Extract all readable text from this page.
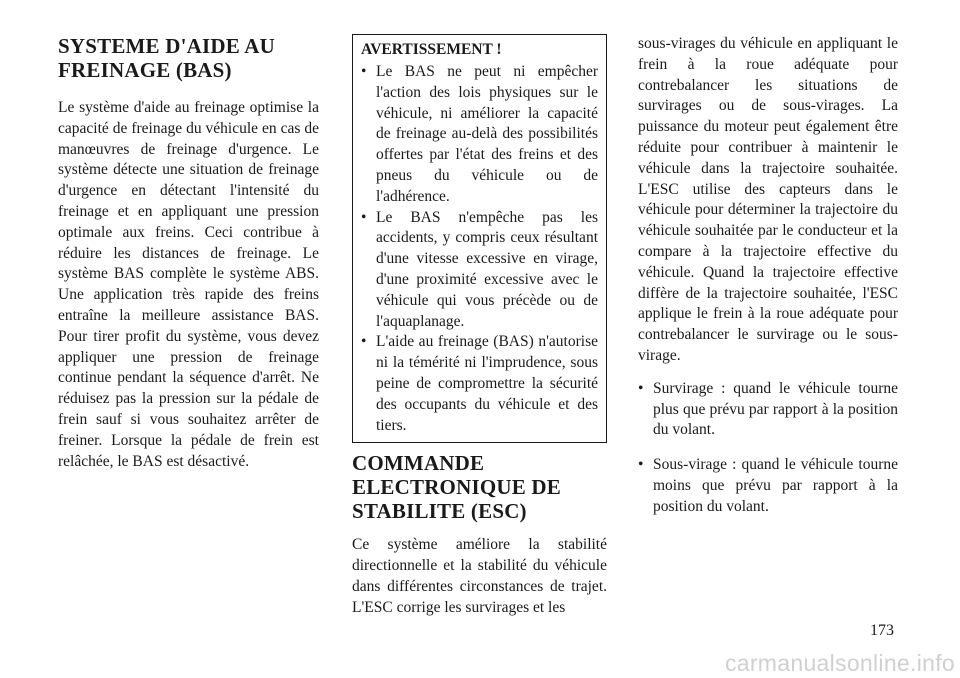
SYSTEME D'AIDE AU FREINAGE (BAS)

Le système d'aide au freinage optimise la capacité de freinage du véhicule en cas de manœuvres de freinage d'urgence. Le système détecte une situation de freinage d'urgence en détectant l'intensité du freinage et en appliquant une pression optimale aux freins. Ceci contribue à réduire les distances de freinage. Le système BAS complète le système ABS. Une application très rapide des freins entraîne la meilleure assistance BAS. Pour tirer profit du système, vous devez appliquer une pression de freinage continue pendant la séquence d'arrêt. Ne réduisez pas la pression sur la pédale de frein sauf si vous souhaitez arrêter de freiner. Lorsque la pédale de frein est relâchée, le BAS est désactivé.

AVERTISSEMENT !
• Le BAS ne peut ni empêcher l'action des lois physiques sur le véhicule, ni améliorer la capacité de freinage au-delà des possibilités offertes par l'état des freins et des pneus du véhicule ou de l'adhérence.
• Le BAS n'empêche pas les accidents, y compris ceux résultant d'une vitesse excessive en virage, d'une proximité excessive avec le véhicule qui vous précède ou de l'aquaplanage.
• L'aide au freinage (BAS) n'autorise ni la témérité ni l'imprudence, sous peine de compromettre la sécurité des occupants du véhicule et des tiers.
COMMANDE ELECTRONIQUE DE STABILITE (ESC)

Ce système améliore la stabilité directionnelle et la stabilité du véhicule dans différentes circonstances de trajet. L'ESC corrige les survirages et les

sous-virages du véhicule en appliquant le frein à la roue adéquate pour contrebalancer les situations de survirages ou de sous-virages. La puissance du moteur peut également être réduite pour contribuer à maintenir le véhicule dans la trajectoire souhaitée. L'ESC utilise des capteurs dans le véhicule pour déterminer la trajectoire du véhicule souhaitée par le conducteur et la compare à la trajectoire effective du véhicule. Quand la trajectoire effective diffère de la trajectoire souhaitée, l'ESC applique le frein à la roue adéquate pour contrebalancer le survirage ou le sous-virage.

• Survirage : quand le véhicule tourne plus que prévu par rapport à la position du volant.
• Sous-virage : quand le véhicule tourne moins que prévu par rapport à la position du volant.
173
carmanualsonline.info
